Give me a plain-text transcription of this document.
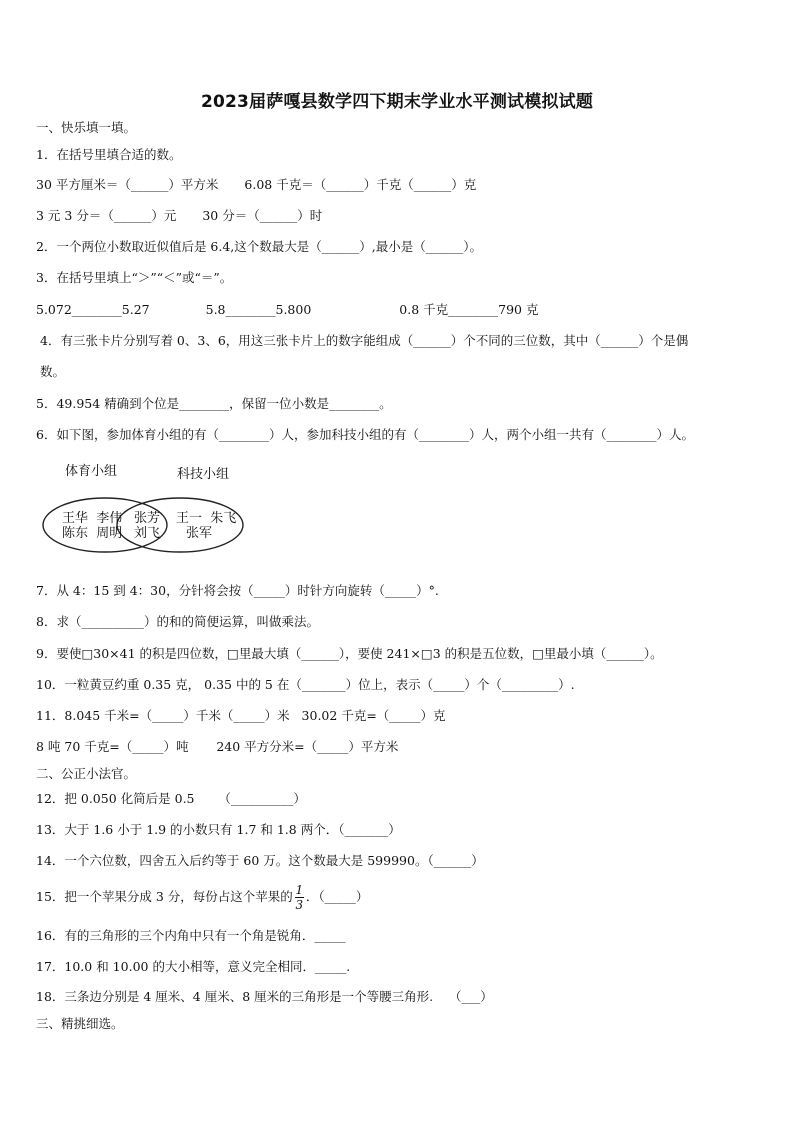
2023届萨嘎县数学四下期末学业水平测试模拟试题
一、快乐填一填。
1．在括号里填合适的数。
30 平方厘米＝（______）平方米 6.08 千克＝（______）千克（______）克
3 元 3 分＝（______）元 30 分＝（______）时
2．一个两位小数取近似值后是 6.4,这个数最大是（______）,最小是（______）。
3．在括号里填上“＞”“＜”或“＝”。
5.072________5.27	5.8________5.800	0.8 千克________790 克
4．有三张卡片分别写着 0、3、6，用这三张卡片上的数字能组成（______）个不同的三位数，其中（______）个是偶
数。
5．49.954 精确到个位是________，保留一位小数是________。
6．如下图，参加体育小组的有（________）人，参加科技小组的有（________）人，两个小组一共有（________）人。
体育小组	科技小组
王华  李伟
陈东  周明
张芳
刘飞
王一  朱飞
张军
7．从 4：15 到 4：30，分针将会按（_____）时针方向旋转（_____）°.
8．求（__________）的和的简便运算，叫做乘法。
9．要使□30×41 的积是四位数，□里最大填（______），要使 241×□3 的积是五位数，□里最小填（______）。
10．一粒黄豆约重 0.35 克， 0.35 中的 5 在（_______）位上，表示（_____）个（_________）.
11．8.045 千米=（_____）千米（_____）米   30.02 千克=（_____）克
8 吨 70 千克=（_____）吨       240 平方分米=（_____）平方米
二、公正小法官。
12．把 0.050 化简后是 0.5      （__________）
13．大于 1.6 小于 1.9 的小数只有 1.7 和 1.8 两个．（_______）
14．一个六位数，四舍五入后约等于 60 万。这个数最大是 599990。（______）
15．把一个苹果分成 3 分，每份占这个苹果的 $\frac{1}{3}$ ．（_____）
16．有的三角形的三个内角中只有一个角是锐角．_____
17．10.0 和 10.00 的大小相等，意义完全相同．_____.
18．三条边分别是 4 厘米、4 厘米、8 厘米的三角形是一个等腰三角形.    （___）
三、精挑细选。
